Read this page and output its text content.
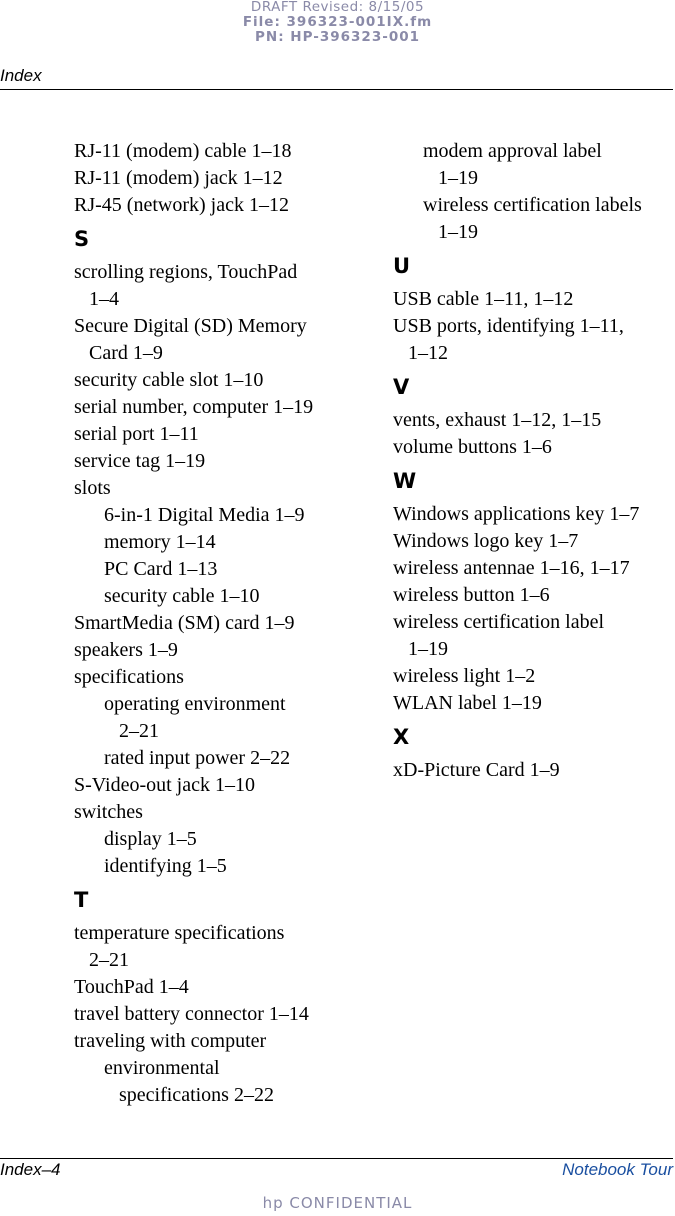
DRAFT Revised: 8/15/05
File: 396323-001IX.fm
PN: HP-396323-001
Index
RJ-11 (modem) cable 1–18
RJ-11 (modem) jack 1–12
RJ-45 (network) jack 1–12
S
scrolling regions, TouchPad
1–4
Secure Digital (SD) Memory
Card 1–9
security cable slot 1–10
serial number, computer 1–19
serial port 1–11
service tag 1–19
slots
6-in-1 Digital Media 1–9
memory 1–14
PC Card 1–13
security cable 1–10
SmartMedia (SM) card 1–9
speakers 1–9
specifications
operating environment
2–21
rated input power 2–22
S-Video-out jack 1–10
switches
display 1–5
identifying 1–5
T
temperature specifications
2–21
TouchPad 1–4
travel battery connector 1–14
traveling with computer
environmental
specifications 2–22
modem approval label
1–19
wireless certification labels
1–19
U
USB cable 1–11, 1–12
USB ports, identifying 1–11,
1–12
V
vents, exhaust 1–12, 1–15
volume buttons 1–6
W
Windows applications key 1–7
Windows logo key 1–7
wireless antennae 1–16, 1–17
wireless button 1–6
wireless certification label
1–19
wireless light 1–2
WLAN label 1–19
X
xD-Picture Card 1–9
Index–4	Notebook Tour
hp CONFIDENTIAL
